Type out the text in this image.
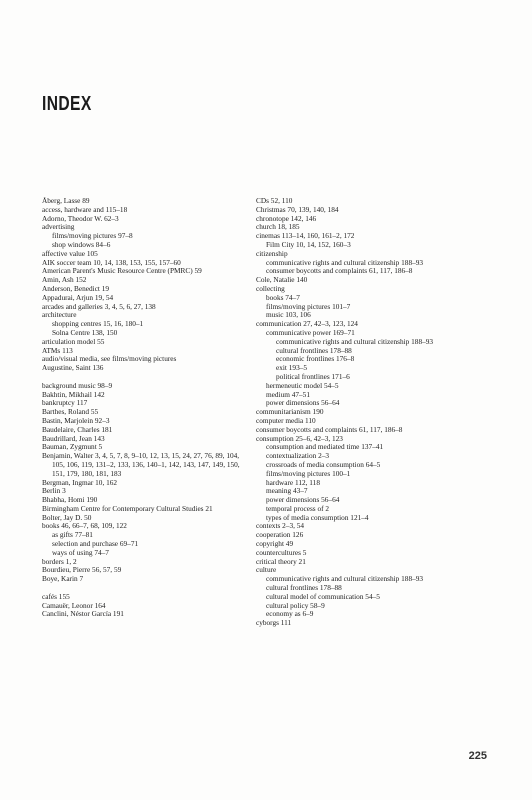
INDEX
Åberg, Lasse 89
access, hardware and 115–18
Adorno, Theodor W. 62–3
advertising
films/moving pictures 97–8
shop windows 84–6
affective value 105
AIK soccer team 10, 14, 138, 153, 155, 157–60
American Parent's Music Resource Centre (PMRC) 59
Amin, Ash 152
Anderson, Benedict 19
Appadurai, Arjun 19, 54
arcades and galleries 3, 4, 5, 6, 27, 138
architecture
shopping centres 15, 16, 180–1
Solna Centre 138, 150
articulation model 55
ATMs 113
audio/visual media, see films/moving pictures
Augustine, Saint 136
background music 98–9
Bakhtin, Mikhail 142
bankruptcy 117
Barthes, Roland 55
Bastin, Marjolein 92–3
Baudelaire, Charles 181
Baudrillard, Jean 143
Bauman, Zygmunt 5
Benjamin, Walter 3, 4, 5, 7, 8, 9–10, 12, 13, 15, 24, 27, 76, 89, 104, 105, 106, 119, 131–2, 133, 136, 140–1, 142, 143, 147, 149, 150, 151, 179, 180, 181, 183
Bergman, Ingmar 10, 162
Berlin 3
Bhabha, Homi 190
Birmingham Centre for Contemporary Cultural Studies 21
Bolter, Jay D. 50
books 46, 66–7, 68, 109, 122
as gifts 77–81
selection and purchase 69–71
ways of using 74–7
borders 1, 2
Bourdieu, Pierre 56, 57, 59
Boye, Karin 7
cafés 155
Camauër, Leonor 164
Canclini, Néstor García 191
CDs 52, 110
Christmas 70, 139, 140, 184
chronotope 142, 146
church 18, 185
cinemas 113–14, 160, 161–2, 172
Film City 10, 14, 152, 160–3
citizenship
communicative rights and cultural citizenship 188–93
consumer boycotts and complaints 61, 117, 186–8
Cole, Natalie 140
collecting
books 74–7
films/moving pictures 101–7
music 103, 106
communication 27, 42–3, 123, 124
communicative power 169–71
communicative rights and cultural citizenship 188–93
cultural frontlines 178–88
economic frontlines 176–8
exit 193–5
political frontlines 171–6
hermeneutic model 54–5
medium 47–51
power dimensions 56–64
communitarianism 190
computer media 110
consumer boycotts and complaints 61, 117, 186–8
consumption 25–6, 42–3, 123
consumption and mediated time 137–41
contextualization 2–3
crossroads of media consumption 64–5
films/moving pictures 100–1
hardware 112, 118
meaning 43–7
power dimensions 56–64
temporal process of 2
types of media consumption 121–4
contexts 2–3, 54
cooperation 126
copyright 49
countercultures 5
critical theory 21
culture
communicative rights and cultural citizenship 188–93
cultural frontlines 178–88
cultural model of communication 54–5
cultural policy 58–9
economy as 6–9
cyborgs 111
225
